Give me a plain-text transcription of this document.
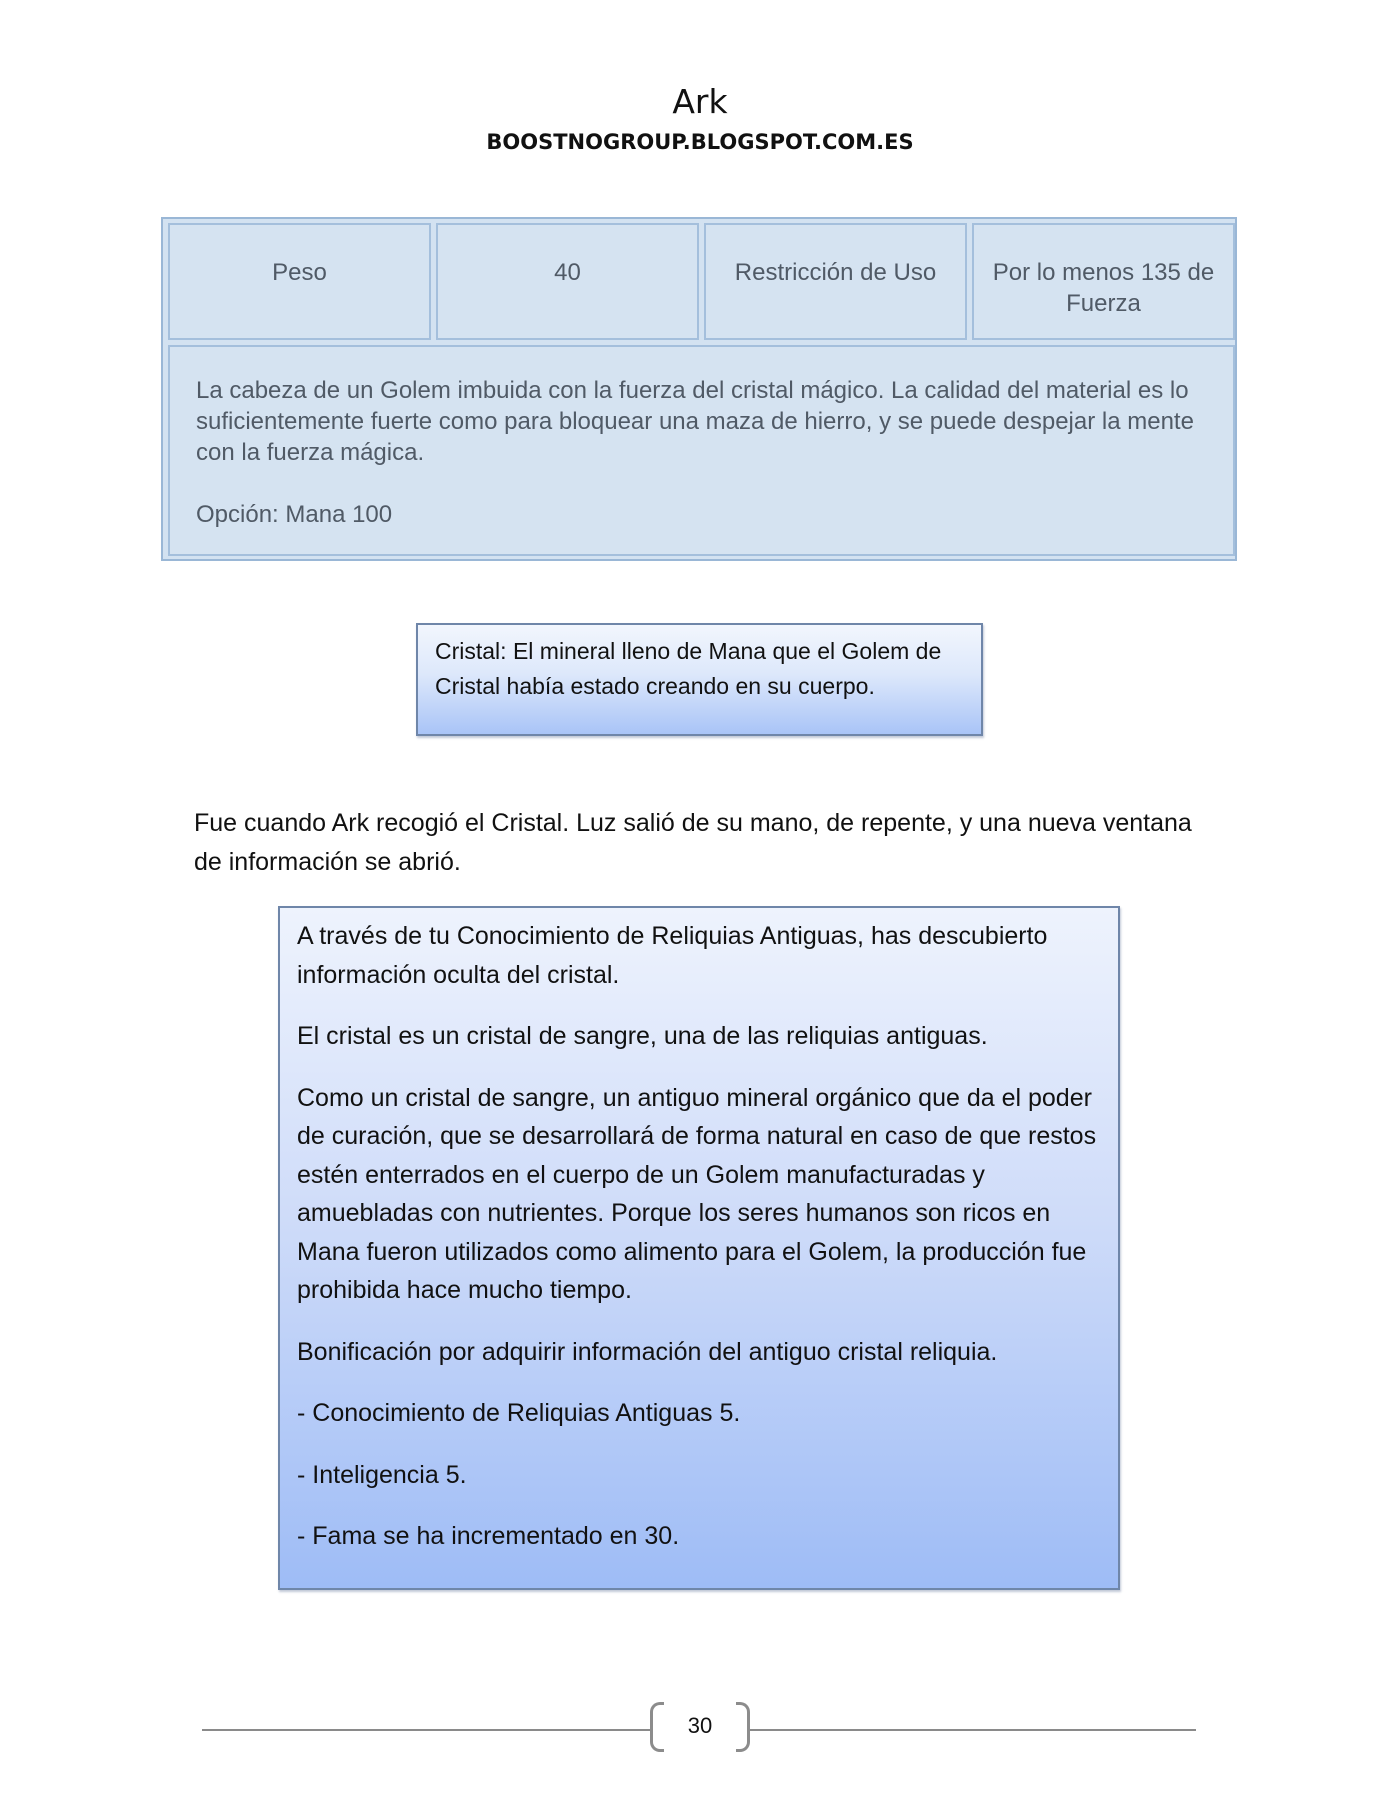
Ark
BOOSTNOGROUP.BLOGSPOT.COM.ES
Peso	40	Restricción de Uso	Por lo menos 135 de Fuerza
La cabeza de un Golem imbuida con la fuerza del cristal mágico. La calidad del material es lo suficientemente fuerte como para bloquear una maza de hierro, y se puede despejar la mente con la fuerza mágica.
Opción: Mana 100
Cristal: El mineral lleno de Mana que el Golem de Cristal había estado creando en su cuerpo.
Fue cuando Ark recogió el Cristal. Luz salió de su mano, de repente, y una nueva ventana de información se abrió.

A través de tu Conocimiento de Reliquias Antiguas, has descubierto información oculta del cristal.

El cristal es un cristal de sangre, una de las reliquias antiguas.

Como un cristal de sangre, un antiguo mineral orgánico que da el poder de curación, que se desarrollará de forma natural en caso de que restos estén enterrados en el cuerpo de un Golem manufacturadas y amuebladas con nutrientes. Porque los seres humanos son ricos en Mana fueron utilizados como alimento para el Golem, la producción fue prohibida hace mucho tiempo.

Bonificación por adquirir información del antiguo cristal reliquia.

- Conocimiento de Reliquias Antiguas 5.

- Inteligencia 5.

- Fama se ha incrementado en 30.

30
